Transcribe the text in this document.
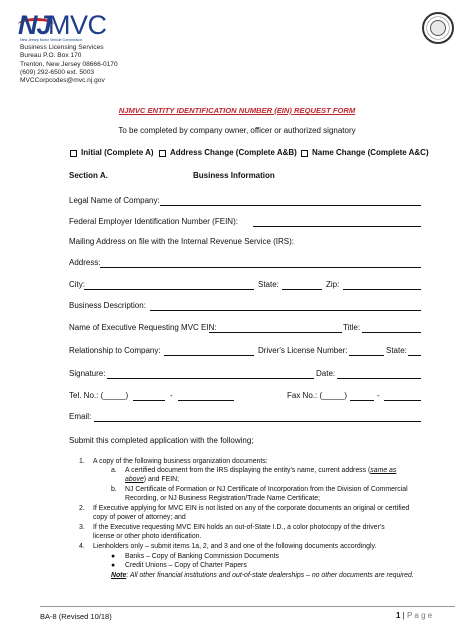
NJ
MVC
New Jersey Motor Vehicle Commission
Business Licensing Services
Bureau P.O. Box 170
Trenton, New Jersey 08666-0170
(609) 292-6500 ext. 5003
MVCCorpcodes@mvc.nj.gov
NJMVC ENTITY IDENTIFICATION NUMBER (EIN) REQUEST FORM
To be completed by company owner, officer or authorized signatory
Initial (Complete A) Address Change (Complete A&B) Name Change (Complete A&C)
Section A.	Business Information
Legal Name of Company:
Federal Employer Identification Number (FEIN):
Mailing Address on file with the Internal Revenue Service (IRS):
Address:
City:	State:	Zip:
Business Description:
Name of Executive Requesting MVC EIN:	Title:
Relationship to Company:	Driver's License Number:	State:
Signature:	Date:
Tel. No.: (_____)	-	Fax No.: (_____)	-
Email:
Submit this completed application with the following;
1. A copy of the following business organization documents:
a. A certified document from the IRS displaying the entity's name, current address (same as
above) and FEIN;
b. NJ Certificate of Formation or NJ Certificate of Incorporation from the Division of Commercial
Recording, or NJ Business Registration/Trade Name Certificate;
2. If Executive applying for MVC EIN is not listed on any of the corporate documents an original or certified
copy of power of attorney; and
3. If the Executive requesting MVC EIN holds an out-of-State I.D., a color photocopy of the driver's
license or other photo identification.
4. Lienholders only – submit items 1a, 2, and 3 and one of the following documents accordingly.
● Banks – Copy of Banking Commission Documents
● Credit Unions – Copy of Charter Papers
Note: All other financial institutions and out-of-state dealerships – no other documents are required.
BA-8 (Revised 10/18)	1 | P a g e
